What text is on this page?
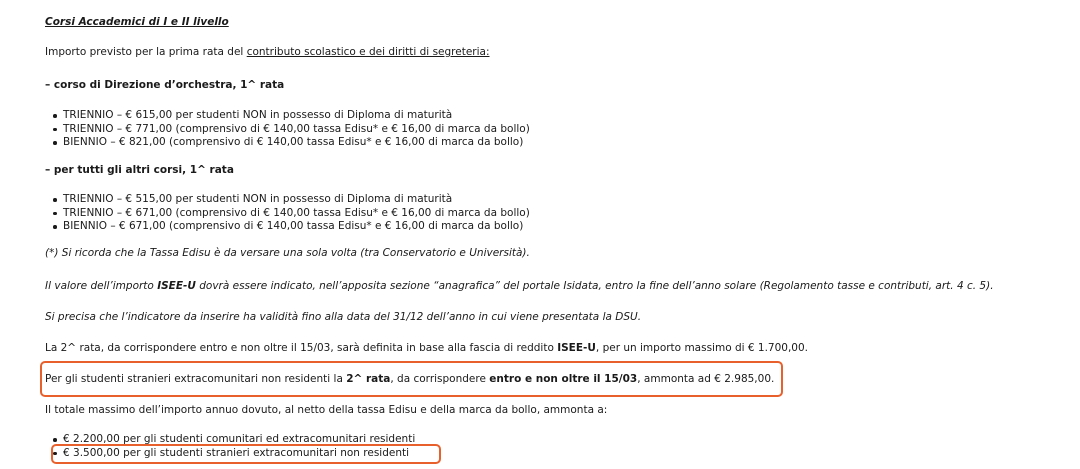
Corsi Accademici di I e II livello
Importo previsto per la prima rata del contributo scolastico e dei diritti di segreteria:
– corso di Direzione d’orchestra, 1^ rata
TRIENNIO – € 615,00 per studenti NON in possesso di Diploma di maturità
TRIENNIO – € 771,00 (comprensivo di € 140,00 tassa Edisu* e € 16,00 di marca da bollo)
BIENNIO – € 821,00 (comprensivo di € 140,00 tassa Edisu* e € 16,00 di marca da bollo)
– per tutti gli altri corsi, 1^ rata
TRIENNIO – € 515,00 per studenti NON in possesso di Diploma di maturità
TRIENNIO – € 671,00 (comprensivo di € 140,00 tassa Edisu* e € 16,00 di marca da bollo)
BIENNIO – € 671,00 (comprensivo di € 140,00 tassa Edisu* e € 16,00 di marca da bollo)
(*) Si ricorda che la Tassa Edisu è da versare una sola volta (tra Conservatorio e Università).
Il valore dell’importo ISEE-U dovrà essere indicato, nell’apposita sezione “anagrafica” del portale Isidata, entro la fine dell’anno solare (Regolamento tasse e contributi, art. 4 c. 5).
Si precisa che l’indicatore da inserire ha validità fino alla data del 31/12 dell’anno in cui viene presentata la DSU.
La 2^ rata, da corrispondere entro e non oltre il 15/03, sarà definita in base alla fascia di reddito ISEE-U, per un importo massimo di € 1.700,00.
Per gli studenti stranieri extracomunitari non residenti la 2^ rata, da corrispondere entro e non oltre il 15/03, ammonta ad € 2.985,00.
Il totale massimo dell’importo annuo dovuto, al netto della tassa Edisu e della marca da bollo, ammonta a:
€ 2.200,00 per gli studenti comunitari ed extracomunitari residenti
€ 3.500,00 per gli studenti stranieri extracomunitari non residenti
